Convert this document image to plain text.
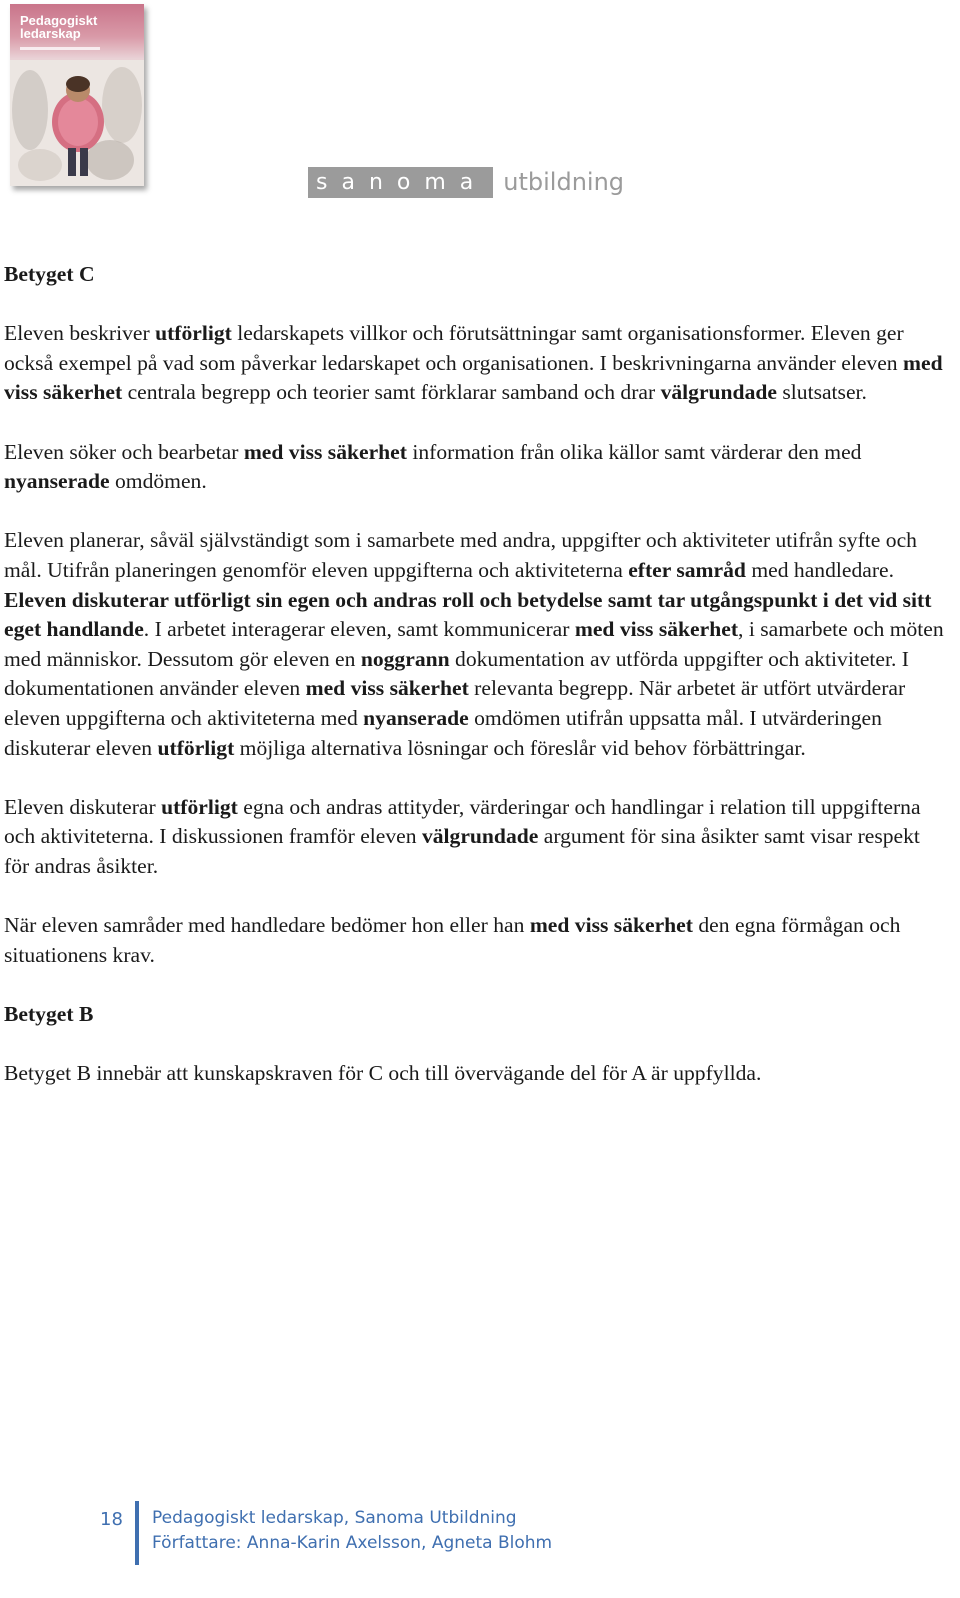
Pedagogiskt
ledarskap
sanoma utbildning
Betyget C

Eleven beskriver utförligt ledarskapets villkor och förutsättningar samt organisationsformer. Eleven ger också exempel på vad som påverkar ledarskapet och organisationen. I beskrivningarna använder eleven med viss säkerhet centrala begrepp och teorier samt förklarar samband och drar välgrundade slutsatser.

Eleven söker och bearbetar med viss säkerhet information från olika källor samt värderar den med nyanserade omdömen.

Eleven planerar, såväl självständigt som i samarbete med andra, uppgifter och aktiviteter utifrån syfte och mål. Utifrån planeringen genomför eleven uppgifterna och aktiviteterna efter samråd med handledare. Eleven diskuterar utförligt sin egen och andras roll och betydelse samt tar utgångspunkt i det vid sitt eget handlande. I arbetet interagerar eleven, samt kommunicerar med viss säkerhet, i samarbete och möten med människor. Dessutom gör eleven en noggrann dokumentation av utförda uppgifter och aktiviteter. I dokumentationen använder eleven med viss säkerhet relevanta begrepp. När arbetet är utfört utvärderar eleven uppgifterna och aktiviteterna med nyanserade omdömen utifrån uppsatta mål. I utvärderingen diskuterar eleven utförligt möjliga alternativa lösningar och föreslår vid behov förbättringar.

Eleven diskuterar utförligt egna och andras attityder, värderingar och handlingar i relation till uppgifterna och aktiviteterna. I diskussionen framför eleven välgrundade argument för sina åsikter samt visar respekt för andras åsikter.

När eleven samråder med handledare bedömer hon eller han med viss säkerhet den egna förmågan och situationens krav.

Betyget B

Betyget B innebär att kunskapskraven för C och till övervägande del för A är uppfyllda.

18 Pedagogiskt ledarskap, Sanoma Utbildning
Författare: Anna-Karin Axelsson, Agneta Blohm
